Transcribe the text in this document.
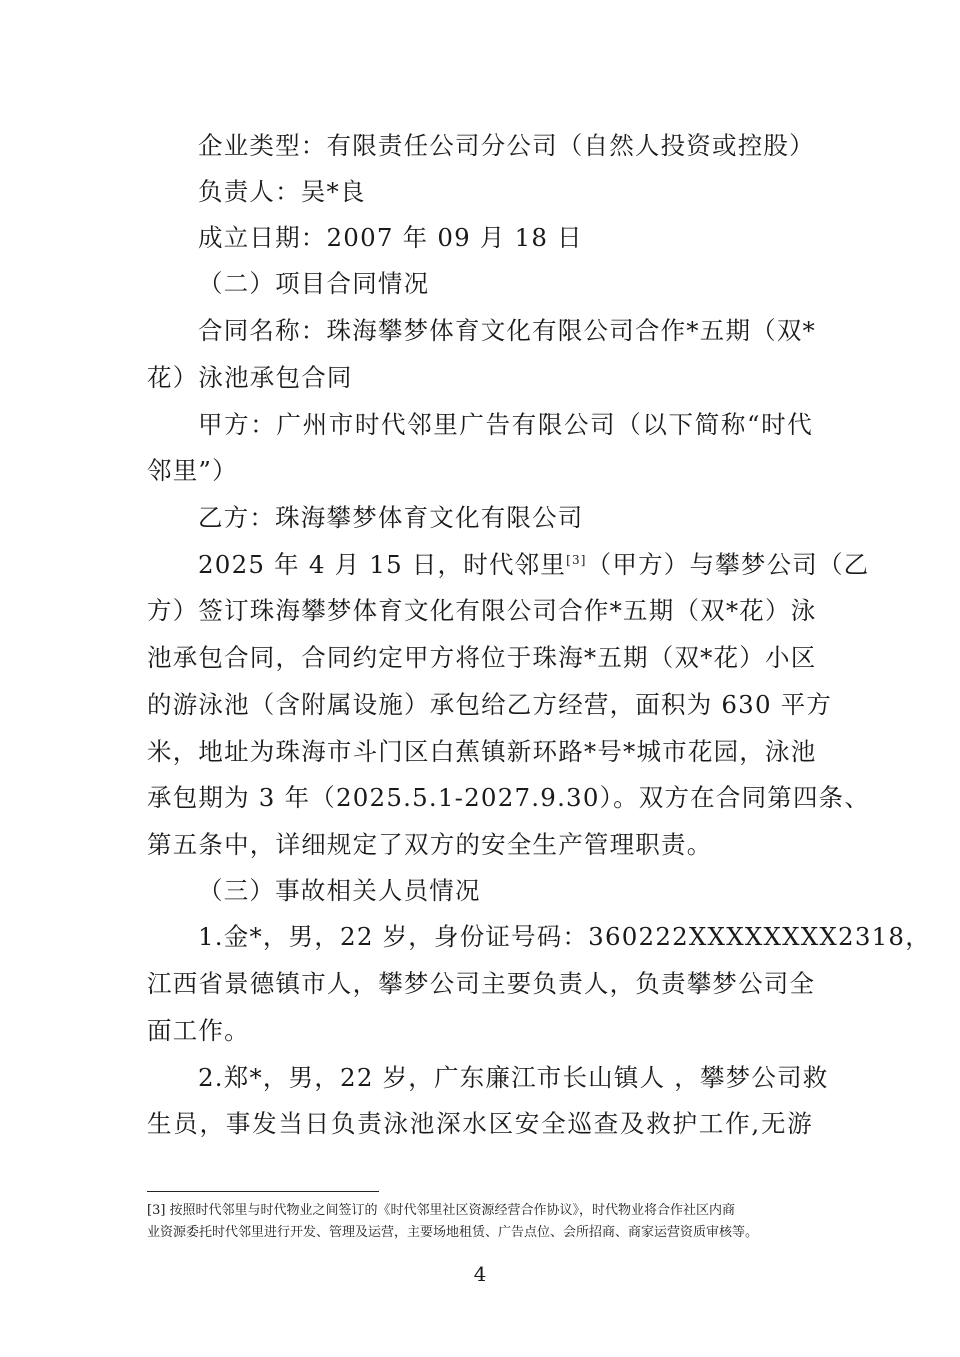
企业类型：有限责任公司分公司（自然人投资或控股）
负责人：吴*良
成立日期：2007 年 09 月 18 日
（二）项目合同情况
合同名称：珠海攀梦体育文化有限公司合作*五期（双*
花）泳池承包合同
甲方：广州市时代邻里广告有限公司（以下简称“时代
邻里”）
乙方：珠海攀梦体育文化有限公司
2025 年 4 月 15 日，时代邻里[3]（甲方）与攀梦公司（乙
方）签订珠海攀梦体育文化有限公司合作*五期（双*花）泳
池承包合同，合同约定甲方将位于珠海*五期（双*花）小区
的游泳池（含附属设施）承包给乙方经营，面积为 630 平方
米，地址为珠海市斗门区白蕉镇新环路*号*城市花园，泳池
承包期为 3 年（2025.5.1-2027.9.30）。双方在合同第四条、
第五条中，详细规定了双方的安全生产管理职责。
（三）事故相关人员情况
1.金*，男，22 岁，身份证号码：360222XXXXXXXX2318，
江西省景德镇市人，攀梦公司主要负责人，负责攀梦公司全
面工作。
2.郑*，男，22 岁，广东廉江市长山镇人 ，攀梦公司救
生员，事发当日负责泳池深水区安全巡查及救护工作,无游
[3] 按照时代邻里与时代物业之间签订的《时代邻里社区资源经营合作协议》，时代物业将合作社区内商
业资源委托时代邻里进行开发、管理及运营，主要场地租赁、广告点位、会所招商、商家运营资质审核等。
4
